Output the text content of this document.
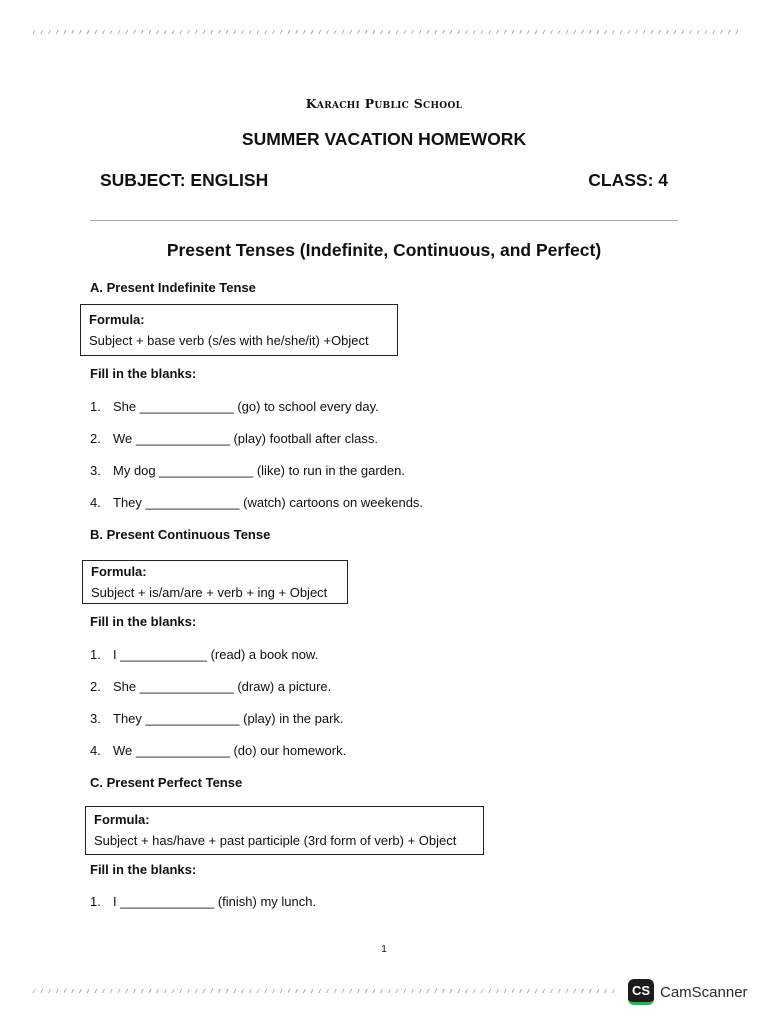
Karachi Public School
SUMMER VACATION HOMEWORK
SUBJECT: ENGLISH	CLASS: 4
Present Tenses (Indefinite, Continuous, and Perfect)
A. Present Indefinite Tense
Formula:
Subject + base verb (s/es with he/she/it) +Object
Fill in the blanks:
1. She _____________ (go) to school every day.
2. We _____________ (play) football after class.
3. My dog _____________ (like) to run in the garden.
4. They _____________ (watch) cartoons on weekends.
B. Present Continuous Tense
Formula:
Subject + is/am/are + verb + ing + Object
Fill in the blanks:
1. I ____________ (read) a book now.
2. She _____________ (draw) a picture.
3. They _____________ (play) in the park.
4. We _____________ (do) our homework.
C. Present Perfect Tense
Formula:
Subject + has/have + past participle (3rd form of verb) + Object
Fill in the blanks:
1. I _____________ (finish) my lunch.
1
CS CamScanner
